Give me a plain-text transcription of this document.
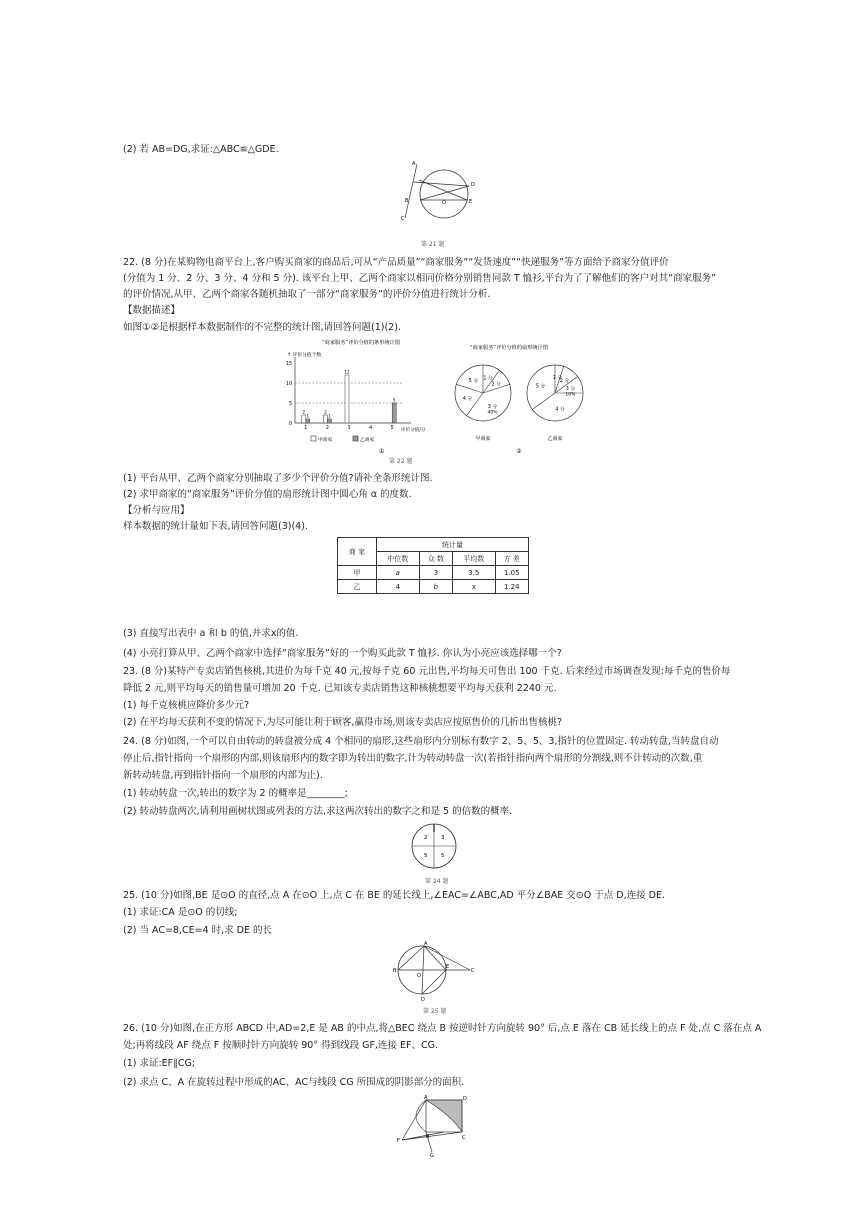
(2) 若 AB=DG,求证:△ABC≌△GDE.
A
B
C
D
E
O
第 21 题
22. (8 分)在某购物电商平台上,客户购买商家的商品后,可从“产品质量”“商家服务”“发货速度”“快递服务”等方面给予商家分值评价
(分值为 1 分、2 分、3 分、4 分和 5 分). 该平台上甲、乙两个商家以相同价格分别销售同款 T 恤衫,平台为了了解他们的客户对其“商家服务”
的评价情况,从甲、乙两个商家各随机抽取了一部分“商家服务”的评价分值进行统计分析.
【数据描述】
如图①②是根据样本数据制作的不完整的统计图,请回答问题(1)(2).
“商家服务”评价分值的条形统计图
↑ 评价分值个数
0
5
10
15
1
2
1
2
2
1
3
12
4	5
5
评价分值/分
甲商家	乙商家
①
“商家服务”评价分值的扇形统计图
1 分
2 分
3 分
40%
4 分
5 分
甲商家
1 分
2 分
3 分
10%
4 分
5 分
乙商家
②
第 22 题
(1) 平台从甲、乙两个商家分别抽取了多少个评价分值?请补全条形统计图.
(2) 求甲商家的“商家服务”评价分值的扇形统计图中圆心角 α 的度数.
【分析与应用】
样本数据的统计量如下表,请回答问题(3)(4).
商 家	统计量			
	中位数	众 数	平均数	方 差
甲	a	3	3.5	1.05
乙	4	b	x	1.24
(3) 直接写出表中 a 和 b 的值,并求x的值.
(4) 小亮打算从甲、乙两个商家中选择“商家服务”好的一个购买此款 T 恤衫. 你认为小亮应该选择哪一个?
23. (8 分)某特产专卖店销售核桃,其进价为每千克 40 元,按每千克 60 元出售,平均每天可售出 100 千克. 后来经过市场调查发现:每千克的售价每
降低 2 元,则平均每天的销售量可增加 20 千克. 已知该专卖店销售这种核桃想要平均每天获利 2240 元.
(1) 每千克核桃应降价多少元?
(2) 在平均每天获利不变的情况下,为尽可能让利于顾客,赢得市场,则该专卖店应按原售价的几折出售核桃?
24. (8 分)如图,一个可以自由转动的转盘被分成 4 个相同的扇形,这些扇形内分别标有数字 2、5、5、3,指针的位置固定. 转动转盘,当转盘自动
停止后,指针指向一个扇形的内部,则该扇形内的数字即为转出的数字,计为转动转盘一次(若指针指向两个扇形的分割线,则不计转动的次数,重
新转动转盘,再到指针指向一个扇形的内部为止).
(1) 转动转盘一次,转出的数字为 2 的概率是________;
(2) 转动转盘两次,请利用画树状图或列表的方法,求这两次转出的数字之和是 5 的倍数的概率.
2 3
5 5
第 24 题
25. (10 分)如图,BE 是⊙O 的直径,点 A 在⊙O 上,点 C 在 BE 的延长线上,∠EAC=∠ABC,AD 平分∠BAE 交⊙O 于点 D,连接 DE.
(1) 求证:CA 是⊙O 的切线;
(2) 当 AC=8,CE=4 时,求 DE 的长
A
B	C
D
E
O
第 25 题
26. (10 分)如图,在正方形 ABCD 中,AD=2,E 是 AB 的中点,将△BEC 绕点 B 按逆时针方向旋转 90° 后,点 E 落在 CB 延长线上的点 F 处,点 C 落在点 A
处;再将线段 AF 绕点 F 按顺时针方向旋转 90° 得到线段 GF,连接 EF、CG.
(1) 求证:EF∥CG;
(2) 求点 C、A 在旋转过程中形成的AC、AC与线段 CG 所围成的阴影部分的面积.
A	D
F
G
C
B
